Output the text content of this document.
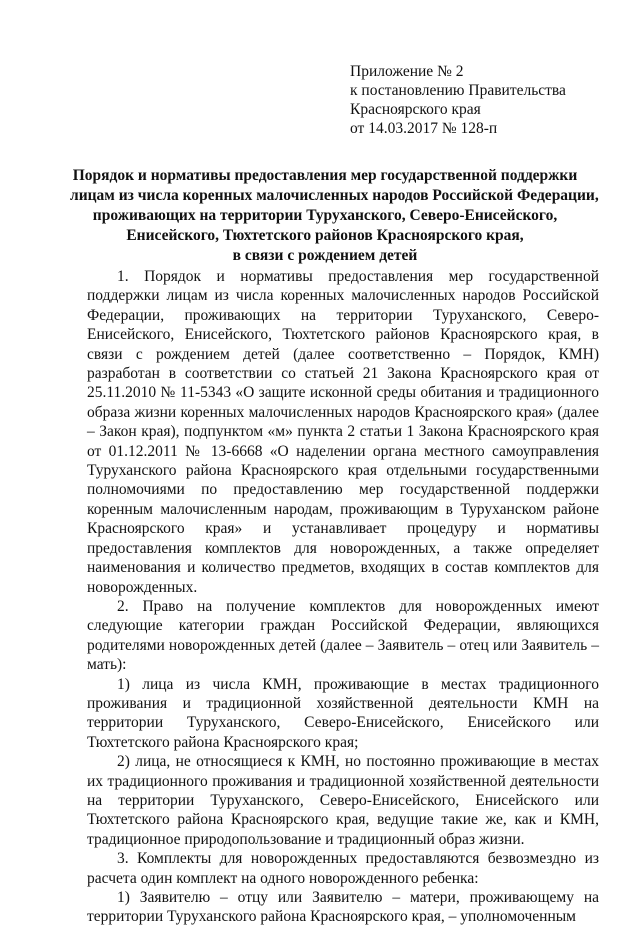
Приложение № 2
к постановлению Правительства
Красноярского края
от 14.03.2017 № 128-п
Порядок и нормативы предоставления мер государственной поддержки
лицам из числа коренных малочисленных народов Российской Федерации,
проживающих на территории Туруханского, Северо-Енисейского,
Енисейского, Тюхтетского районов Красноярского края,
в связи с рождением детей

1. Порядок и нормативы предоставления мер государственной поддержки лицам из числа коренных малочисленных народов Российской Федерации, проживающих на территории Туруханского, Северо-Енисейского, Енисейского, Тюхтетского районов Красноярского края, в связи с рождением детей (далее соответственно – Порядок, КМН) разработан в соответствии со статьей 21 Закона Красноярского края от 25.11.2010 № 11-5343 «О защите исконной среды обитания и традиционного образа жизни коренных малочисленных народов Красноярского края» (далее – Закон края), подпунктом «м» пункта 2 статьи 1 Закона Красноярского края от 01.12.2011 № 13-6668 «О наделении органа местного самоуправления Туруханского района Красноярского края отдельными государственными полномочиями по предоставлению мер государственной поддержки коренным малочисленным народам, проживающим в Туруханском районе Красноярского края» и устанавливает процедуру и нормативы предоставления комплектов для новорожденных, а также определяет наименования и количество предметов, входящих в состав комплектов для новорожденных.

2. Право на получение комплектов для новорожденных имеют следующие категории граждан Российской Федерации, являющихся родителями новорожденных детей (далее – Заявитель – отец или Заявитель – мать):

1) лица из числа КМН, проживающие в местах традиционного проживания и традиционной хозяйственной деятельности КМН на территории Туруханского, Северо-Енисейского, Енисейского или Тюхтетского района Красноярского края;

2) лица, не относящиеся к КМН, но постоянно проживающие в местах их традиционного проживания и традиционной хозяйственной деятельности на территории Туруханского, Северо-Енисейского, Енисейского или Тюхтетского района Красноярского края, ведущие такие же, как и КМН, традиционное природопользование и традиционный образ жизни.

3. Комплекты для новорожденных предоставляются безвозмездно из расчета один комплект на одного новорожденного ребенка:

1) Заявителю – отцу или Заявителю – матери, проживающему на территории Туруханского района Красноярского края, – уполномоченным
